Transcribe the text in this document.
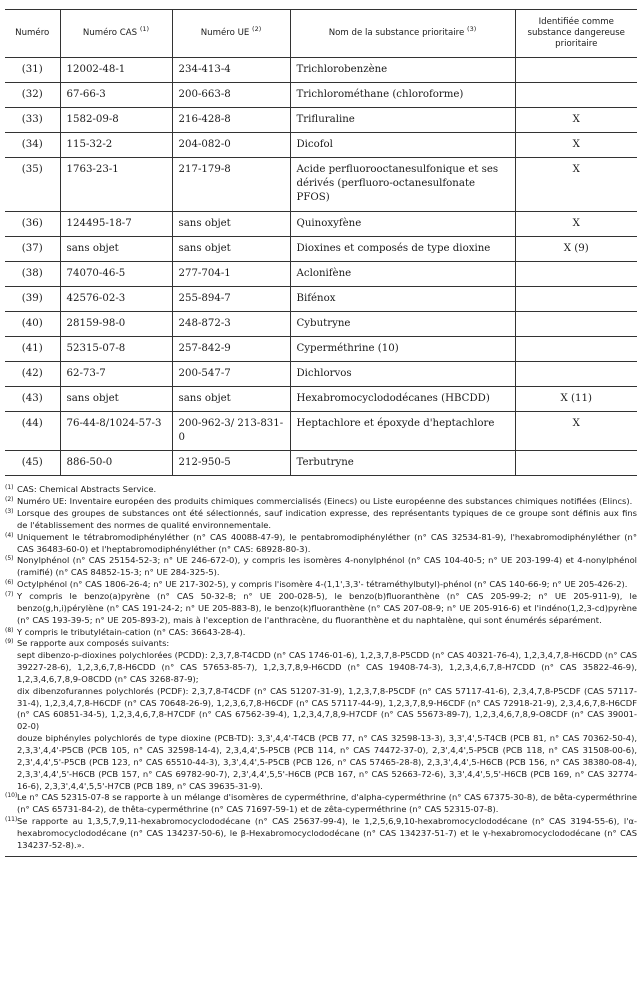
Numéro	Numéro CAS $^{(1)}$	Numéro UE $^{(2)}$	Nom de la substance prioritaire $^{(3)}$	Identifiée comme substance dangereuse prioritaire
(31)	12002-48-1	234-413-4	Trichlorobenzène	
(32)	67-66-3	200-663-8	Trichlorométhane (chloroforme)	
(33)	1582-09-8	216-428-8	Trifluraline	X
(34)	115-32-2	204-082-0	Dicofol	X
(35)	1763-23-1	217-179-8	Acide perfluorooctanesulfonique et ses dérivés (perfluoro-octanesulfonate PFOS)	X
(36)	124495-18-7	sans objet	Quinoxyfène	X
(37)	sans objet	sans objet	Dioxines et composés de type dioxine	X (9)
(38)	74070-46-5	277-704-1	Aclonifène	
(39)	42576-02-3	255-894-7	Bifénox	
(40)	28159-98-0	248-872-3	Cybutryne	
(41)	52315-07-8	257-842-9	Cyperméthrine (10)	
(42)	62-73-7	200-547-7	Dichlorvos	
(43)	sans objet	sans objet	Hexabromocyclododécanes (HBCDD)	X (11)
(44)	76-44-8/1024-57-3	200-962-3/ 213-831-0	Heptachlore et époxyde d'heptachlore	X
(45)	886-50-0	212-950-5	Terbutryne	
(1) CAS: Chemical Abstracts Service.
(2) Numéro UE: Inventaire européen des produits chimiques commercialisés (Einecs) ou Liste européenne des substances chimiques notifiées (Elincs).
(3) Lorsque des groupes de substances ont été sélectionnés, sauf indication expresse, des représentants typiques de ce groupe sont définis aux fins de l'établissement des normes de qualité environnementale.
(4) Uniquement le tétrabromodiphényléther (n° CAS 40088-47-9), le pentabromodiphényléther (n° CAS 32534-81-9), l'hexabromodiphényléther (n° CAS 36483-60-0) et l'heptabromodiphényléther (n° CAS: 68928-80-3).
(5) Nonylphénol (n° CAS 25154-52-3; n° UE 246-672-0), y compris les isomères 4-nonylphénol (n° CAS 104-40-5; n° UE 203-199-4) et 4-nonylphénol (ramifié) (n° CAS 84852-15-3; n° UE 284-325-5).
(6) Octylphénol (n° CAS 1806-26-4; n° UE 217-302-5), y compris l'isomère 4-(1,1',3,3'- tétraméthylbutyl)-phénol (n° CAS 140-66-9; n° UE 205-426-2).
(7) Y compris le benzo(a)pyrène (n° CAS 50-32-8; n° UE 200-028-5), le benzo(b)fluoranthène (n° CAS 205-99-2; n° UE 205-911-9), le benzo(g,h,i)pérylène (n° CAS 191-24-2; n° UE 205-883-8), le benzo(k)fluoranthène (n° CAS 207-08-9; n° UE 205-916-6) et l'indéno(1,2,3-cd)pyrène (n° CAS 193-39-5; n° UE 205-893-2), mais à l'exception de l'anthracène, du fluoranthène et du naphtalène, qui sont énumérés séparément.
(8) Y compris le tributylétain-cation (n° CAS: 36643-28-4).
(9) Se rapporte aux composés suivants:
sept dibenzo-p-dioxines polychlorées (PCDD): 2,3,7,8-T4CDD (n° CAS 1746-01-6), 1,2,3,7,8-P5CDD (n° CAS 40321-76-4), 1,2,3,4,7,8-H6CDD (n° CAS 39227-28-6), 1,2,3,6,7,8-H6CDD (n° CAS 57653-85-7), 1,2,3,7,8,9-H6CDD (n° CAS 19408-74-3), 1,2,3,4,6,7,8-H7CDD (n° CAS 35822-46-9), 1,2,3,4,6,7,8,9-O8CDD (n° CAS 3268-87-9);
dix dibenzofurannes polychlorés (PCDF): 2,3,7,8-T4CDF (n° CAS 51207-31-9), 1,2,3,7,8-P5CDF (n° CAS 57117-41-6), 2,3,4,7,8-P5CDF (CAS 57117-31-4), 1,2,3,4,7,8-H6CDF (n° CAS 70648-26-9), 1,2,3,6,7,8-H6CDF (n° CAS 57117-44-9), 1,2,3,7,8,9-H6CDF (n° CAS 72918-21-9), 2,3,4,6,7,8-H6CDF (n° CAS 60851-34-5), 1,2,3,4,6,7,8-H7CDF (n° CAS 67562-39-4), 1,2,3,4,7,8,9-H7CDF (n° CAS 55673-89-7), 1,2,3,4,6,7,8,9-O8CDF (n° CAS 39001-02-0)
douze biphényles polychlorés de type dioxine (PCB-TD): 3,3',4,4'-T4CB (PCB 77, n° CAS 32598-13-3), 3,3',4',5-T4CB (PCB 81, n° CAS 70362-50-4), 2,3,3',4,4'-P5CB (PCB 105, n° CAS 32598-14-4), 2,3,4,4',5-P5CB (PCB 114, n° CAS 74472-37-0), 2,3',4,4',5-P5CB (PCB 118, n° CAS 31508-00-6), 2,3',4,4',5'-P5CB (PCB 123, n° CAS 65510-44-3), 3,3',4,4',5-P5CB (PCB 126, n° CAS 57465-28-8), 2,3,3',4,4',5-H6CB (PCB 156, n° CAS 38380-08-4), 2,3,3',4,4',5'-H6CB (PCB 157, n° CAS 69782-90-7), 2,3',4,4',5,5'-H6CB (PCB 167, n° CAS 52663-72-6), 3,3',4,4',5,5'-H6CB (PCB 169, n° CAS 32774-16-6), 2,3,3',4,4',5,5'-H7CB (PCB 189, n° CAS 39635-31-9).
(10) Le n° CAS 52315-07-8 se rapporte à un mélange d'isomères de cyperméthrine, d'alpha-cyperméthrine (n° CAS 67375-30-8), de bêta-cyperméthrine (n° CAS 65731-84-2), de thêta-cyperméthrine (n° CAS 71697-59-1) et de zêta-cyperméthrine (n° CAS 52315-07-8).
(11) Se rapporte au 1,3,5,7,9,11-hexabromocyclododécane (n° CAS 25637-99-4), le 1,2,5,6,9,10-hexabromocyclododécane (n° CAS 3194-55-6), l'α-hexabromocyclododécane (n° CAS 134237-50-6), le β-Hexabromocyclododécane (n° CAS 134237-51-7) et le γ-hexabromocyclododécane (n° CAS 134237-52-8).».
